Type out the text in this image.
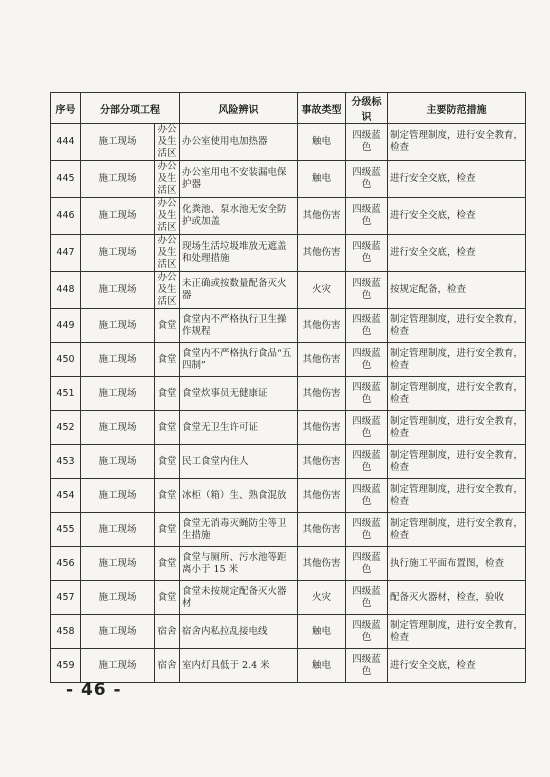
序号	分部分项工程		风险辨识	事故类型	分级标识	主要防范措施
444	施工现场	办公及生活区	办公室使用电加热器	触电	四级蓝色	制定管理制度，进行安全教育，检查
445	施工现场	办公及生活区	办公室用电不安装漏电保护器	触电	四级蓝色	进行安全交底，检查
446	施工现场	办公及生活区	化粪池、泵水池无安全防护或加盖	其他伤害	四级蓝色	进行安全交底，检查
447	施工现场	办公及生活区	现场生活垃圾堆放无遮盖和处理措施	其他伤害	四级蓝色	进行安全交底，检查
448	施工现场	办公及生活区	未正确或按数量配备灭火器	火灾	四级蓝色	按规定配备，检查
449	施工现场	食堂	食堂内不严格执行卫生操作规程	其他伤害	四级蓝色	制定管理制度，进行安全教育，检查
450	施工现场	食堂	食堂内不严格执行食品“五四制”	其他伤害	四级蓝色	制定管理制度，进行安全教育，检查
451	施工现场	食堂	食堂炊事员无健康证	其他伤害	四级蓝色	制定管理制度，进行安全教育，检查
452	施工现场	食堂	食堂无卫生许可证	其他伤害	四级蓝色	制定管理制度，进行安全教育，检查
453	施工现场	食堂	民工食堂内住人	其他伤害	四级蓝色	制定管理制度，进行安全教育，检查
454	施工现场	食堂	冰柜（箱）生、熟食混放	其他伤害	四级蓝色	制定管理制度，进行安全教育，检查
455	施工现场	食堂	食堂无消毒灭蝇防尘等卫生措施	其他伤害	四级蓝色	制定管理制度，进行安全教育，检查
456	施工现场	食堂	食堂与厕所、污水池等距离小于 15 米	其他伤害	四级蓝色	执行施工平面布置图，检查
457	施工现场	食堂	食堂未按规定配备灭火器材	火灾	四级蓝色	配备灭火器材，检查，验收
458	施工现场	宿舍	宿舍内私拉乱接电线	触电	四级蓝色	制定管理制度，进行安全教育，检查
459	施工现场	宿舍	室内灯具低于 2.4 米	触电	四级蓝色	进行安全交底，检查
- 46 -
